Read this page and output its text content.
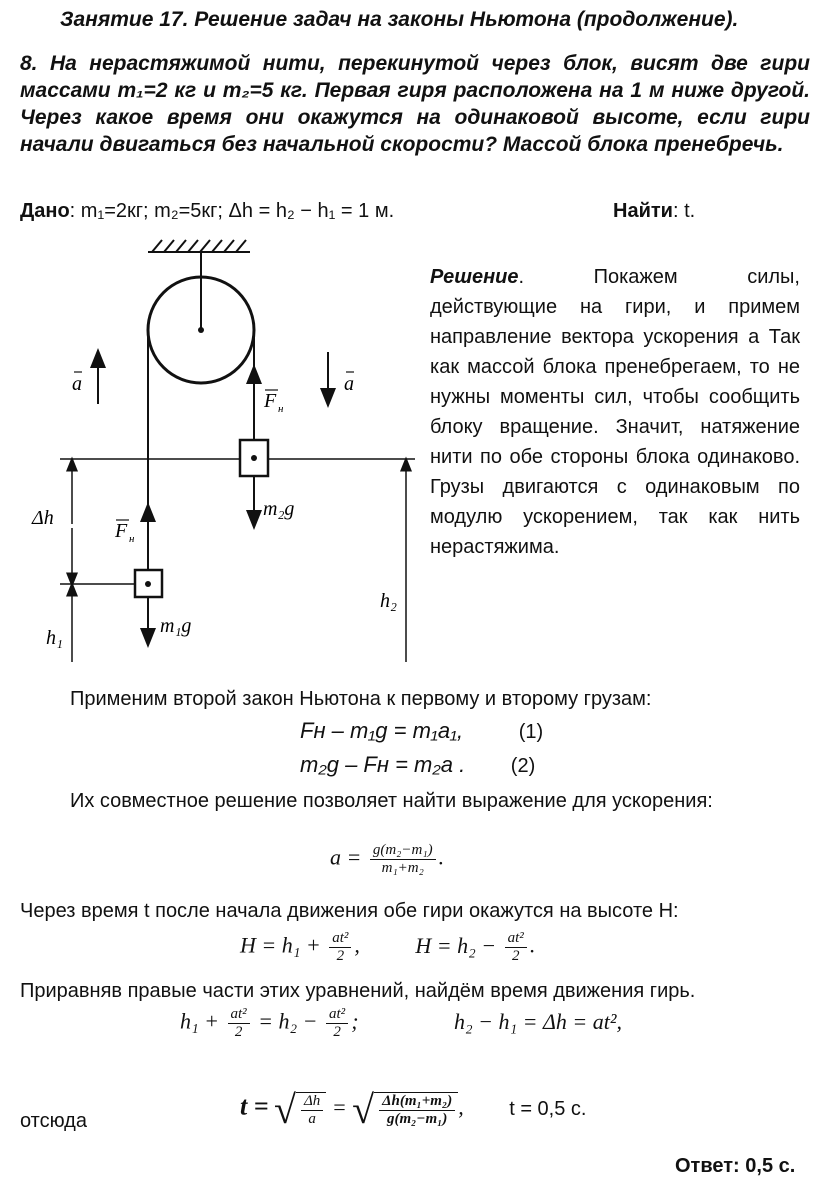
Занятие 17. Решение задач на законы Ньютона (продолжение).
8. На нерастяжимой нити, перекинутой через блок, висят две гири массами m₁=2 кг и m₂=5 кг. Первая гиря расположена на 1 м ниже другой. Через какое время они окажутся на одинаковой высоте, если гири начали двигаться без начальной скорости? Массой блока пренебречь.
Дано: m₁=2кг; m₂=5кг; Δh = h₂ − h₁ = 1 м.	Найти: t.
a	a
F н
m₂g
F н
m₁g
Δh
h₁
h₂
Решение. Покажем силы, действующие на гири, и примем направление вектора ускорения a Так как массой блока пренебрегаем, то не нужны моменты сил, чтобы сообщить блоку вращение. Значит, натяжение нити по обе стороны блока одинаково. Грузы двигаются с одинаковым по модулю ускорением, так как нить нерастяжима.
Применим второй закон Ньютона к первому и второму грузам:
Fн – m₁g = m₁a₁,	(1)
m₂g – Fн = m₂a . (2)
Их совместное решение позволяет найти выражение для ускорения:
$a = \frac{\text{g(m₂−m₁)}}{\text{m₁+m₂}}$ .
Через время t после начала движения обе гири окажутся на высоте H:
$H = h_1 + \frac{\text{at²}}{2}$ ,	$H = h_2 - \frac{\text{at²}}{2}$ .
Приравняв правые части этих уравнений, найдём время движения гирь.
$h_1 + \frac{\text{at²}}{2} = h_2 - \frac{\text{at²}}{2}$ ;	h₂ − h₁ = Δh = at²,
отсюда
t = √ $\frac{\Delta h}{a}$ = √ $\frac{\text{Δh(m₁+m₂)}}{\text{g(m₂−m₁)}}$ , t = 0,5 с.
Ответ: 0,5 с.
